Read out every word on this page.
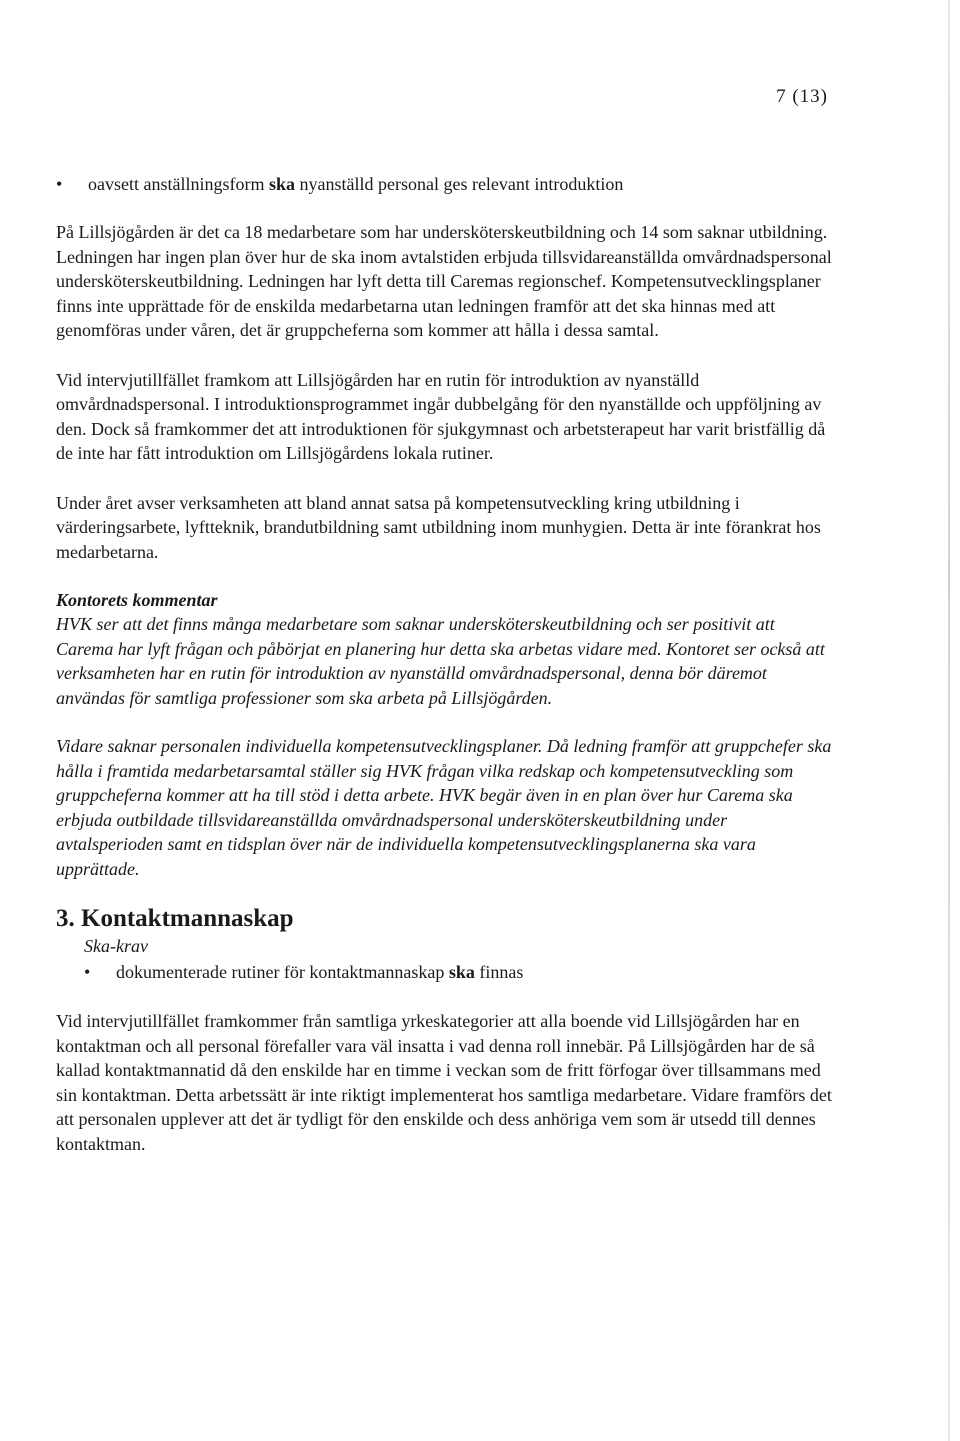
7 (13)
• oavsett anställningsform ska nyanställd personal ges relevant introduktion

På Lillsjögården är det ca 18 medarbetare som har undersköterskeutbildning och 14 som saknar utbildning. Ledningen har ingen plan över hur de ska inom avtalstiden erbjuda tillsvidareanställda omvårdnadspersonal undersköterskeutbildning. Ledningen har lyft detta till Caremas regionschef. Kompetensutvecklingsplaner finns inte upprättade för de enskilda medarbetarna utan ledningen framför att det ska hinnas med att genomföras under våren, det är gruppcheferna som kommer att hålla i dessa samtal.

Vid intervjutillfället framkom att Lillsjögården har en rutin för introduktion av nyanställd omvårdnadspersonal. I introduktionsprogrammet ingår dubbelgång för den nyanställde och uppföljning av den. Dock så framkommer det att introduktionen för sjukgymnast och arbetsterapeut har varit bristfällig då de inte har fått introduktion om Lillsjögårdens lokala rutiner.

Under året avser verksamheten att bland annat satsa på kompetensutveckling kring utbildning i värderingsarbete, lyftteknik, brandutbildning samt utbildning inom munhygien. Detta är inte förankrat hos medarbetarna.

Kontorets kommentar

HVK ser att det finns många medarbetare som saknar undersköterskeutbildning och ser positivit att Carema har lyft frågan och påbörjat en planering hur detta ska arbetas vidare med. Kontoret ser också att verksamheten har en rutin för introduktion av nyanställd omvårdnadspersonal, denna bör däremot användas för samtliga professioner som ska arbeta på Lillsjögården.

Vidare saknar personalen individuella kompetensutvecklingsplaner. Då ledning framför att gruppchefer ska hålla i framtida medarbetarsamtal ställer sig HVK frågan vilka redskap och kompetensutveckling som gruppcheferna kommer att ha till stöd i detta arbete. HVK begär även in en plan över hur Carema ska erbjuda outbildade tillsvidareanställda omvårdnadspersonal undersköterskeutbildning under avtalsperioden samt en tidsplan över när de individuella kompetensutvecklingsplanerna ska vara upprättade.

3. Kontaktmannaskap
Ska-krav
• dokumenterade rutiner för kontaktmannaskap ska finnas

Vid intervjutillfället framkommer från samtliga yrkeskategorier att alla boende vid Lillsjögården har en kontaktman och all personal förefaller vara väl insatta i vad denna roll innebär. På Lillsjögården har de så kallad kontaktmannatid då den enskilde har en timme i veckan som de fritt förfogar över tillsammans med sin kontaktman. Detta arbetssätt är inte riktigt implementerat hos samtliga medarbetare. Vidare framförs det att personalen upplever att det är tydligt för den enskilde och dess anhöriga vem som är utsedd till dennes kontaktman.
